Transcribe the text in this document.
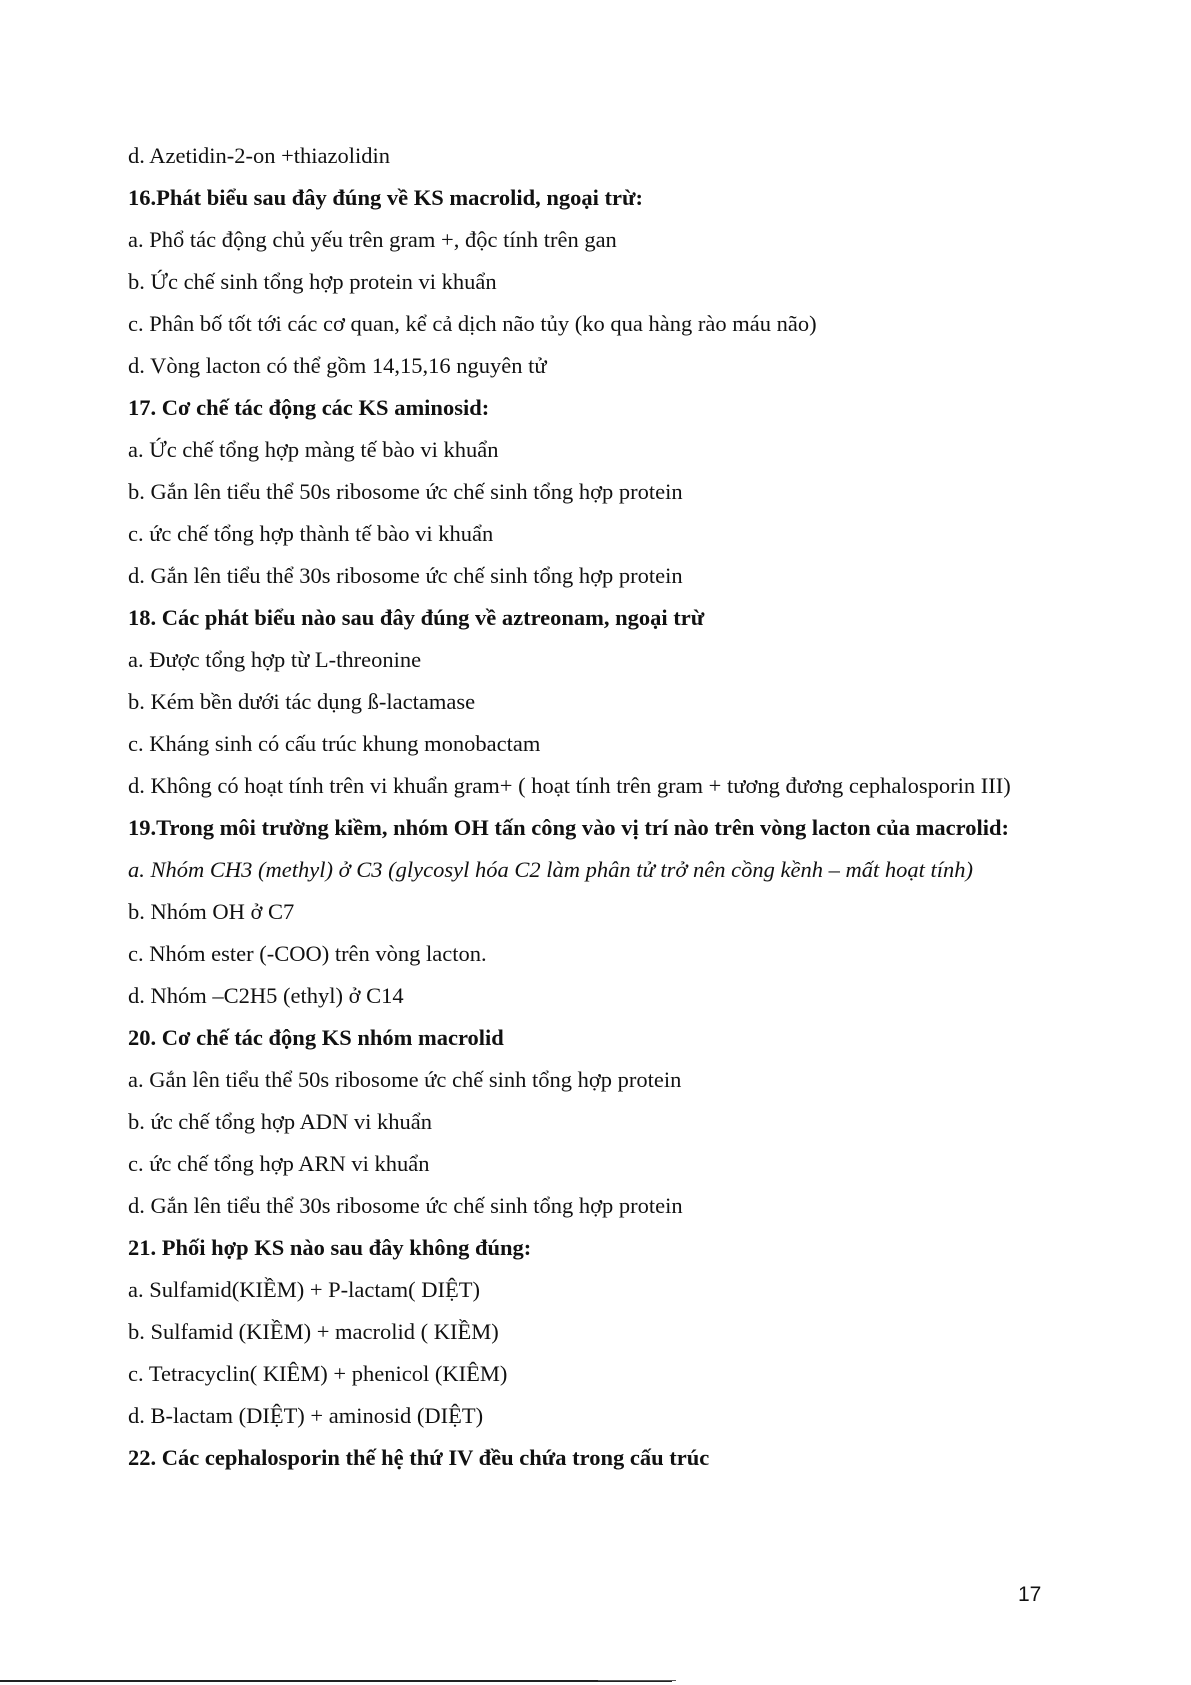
d. Azetidin-2-on +thiazolidin

16.Phát biểu sau đây đúng về KS macrolid, ngoại trừ:

a. Phổ tác động chủ yếu trên gram +, độc tính trên gan

b. Ức chế sinh tổng hợp protein vi khuẩn

c. Phân bố tốt tới các cơ quan, kể cả dịch não tủy (ko qua hàng rào máu não)

d. Vòng lacton có thể gồm 14,15,16 nguyên tử

17. Cơ chế tác động các KS aminosid:

a. Ức chế tổng hợp màng tế bào vi khuẩn

b. Gắn lên tiểu thể 50s ribosome ức chế sinh tổng hợp protein

c. ức chế tổng hợp thành tế bào vi khuẩn

d. Gắn lên tiểu thể 30s ribosome ức chế sinh tổng hợp protein

18. Các phát biểu nào sau đây đúng về aztreonam, ngoại trừ

a. Được tổng hợp từ L-threonine

b. Kém bền dưới tác dụng ß-lactamase

c. Kháng sinh có cấu trúc khung monobactam

d. Không có hoạt tính trên vi khuẩn gram+ ( hoạt tính trên gram + tương đương cephalosporin III)

19.Trong môi trường kiềm, nhóm OH tấn công vào vị trí nào trên vòng lacton của macrolid:

a. Nhóm CH3 (methyl) ở C3 (glycosyl hóa C2 làm phân tử trở nên cồng kềnh – mất hoạt tính)

b. Nhóm OH ở C7

c. Nhóm ester (-COO) trên vòng lacton.

d. Nhóm –C2H5 (ethyl) ở C14

20. Cơ chế tác động KS nhóm macrolid

a. Gắn lên tiểu thể 50s ribosome ức chế sinh tổng hợp protein

b. ức chế tổng hợp ADN vi khuẩn

c. ức chế tổng hợp ARN vi khuẩn

d. Gắn lên tiểu thể 30s ribosome ức chế sinh tổng hợp protein

21. Phối hợp KS nào sau đây không đúng:

a. Sulfamid(KIỀM) + P-lactam( DIỆT)

b. Sulfamid (KIỀM) + macrolid ( KIỀM)

c. Tetracyclin( KIÊM) + phenicol (KIÊM)

d. B-lactam (DIỆT) + aminosid (DIỆT)

22. Các cephalosporin thế hệ thứ IV đều chứa trong cấu trúc

17
